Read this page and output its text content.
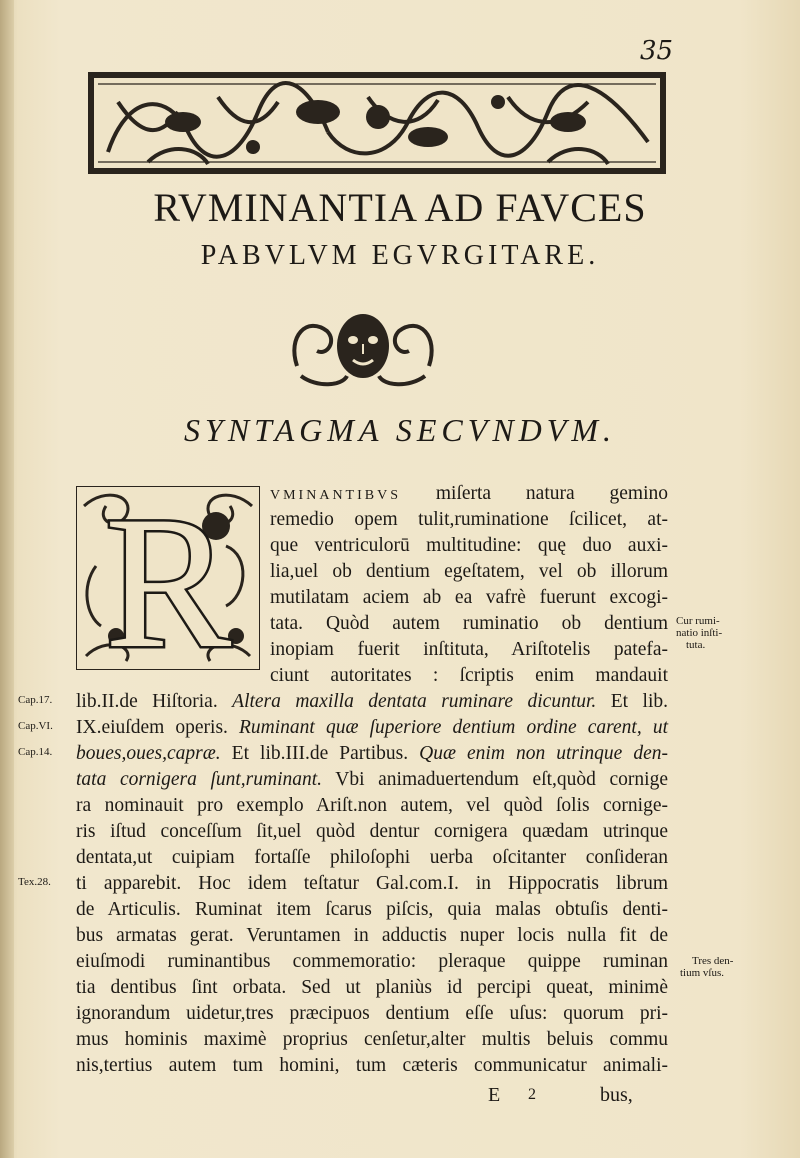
35
RVMINANTIA AD FAVCES
PABVLVM EGVRGITARE.
SYNTAGMA SECVNDVM.
R	VMINANTIBVS miſerta natura gemino
remedio opem tulit,ruminatione ſcilicet, at-
que ventriculorū multitudine: quę duo auxi-
lia,uel ob dentium egeſtatem, vel ob illorum
mutilatam aciem ab ea vafrè fuerunt excogi-
tata. Quòd autem ruminatio ob dentium
inopiam fuerit inſtituta, Ariſtotelis patefa-
ciunt autoritates : ſcriptis enim mandauit
lib.II.de Hiſtoria. Altera maxilla dentata ruminare dicuntur. Et lib.
IX.eiuſdem operis. Ruminant quæ ſuperiore dentium ordine carent, ut
boues,oues,capræ. Et lib.III.de Partibus. Quæ enim non utrinque den-
tata cornigera ſunt,ruminant. Vbi animaduertendum eſt,quòd cornige
ra nominauit pro exemplo Ariſt.non autem, vel quòd ſolis cornige-
ris iſtud conceſſum ſit,uel quòd dentur cornigera quædam utrinque
dentata,ut cuipiam fortaſſe philoſophi uerba oſcitanter conſideran
ti apparebit. Hoc idem teſtatur Gal.com.I. in Hippocratis librum
de Articulis. Ruminat item ſcarus piſcis, quia malas obtuſis denti-
bus armatas gerat. Veruntamen in adductis nuper locis nulla fit de
eiuſmodi ruminantibus commemoratio: pleraque quippe ruminan
tia dentibus ſint orbata. Sed ut planiùs id percipi queat, minimè
ignorandum uidetur,tres præcipuos dentium eſſe uſus: quorum pri-
mus hominis maximè proprius cenſetur,alter multis beluis commu
nis,tertius autem tum homini, tum cæteris communicatur animali-
E 2	bus,
Cur rumi-
natio inſti-
tuta.
Tres den-
tium vſus.
Cap.17.
Cap.VI.
Cap.14.
Tex.28.
